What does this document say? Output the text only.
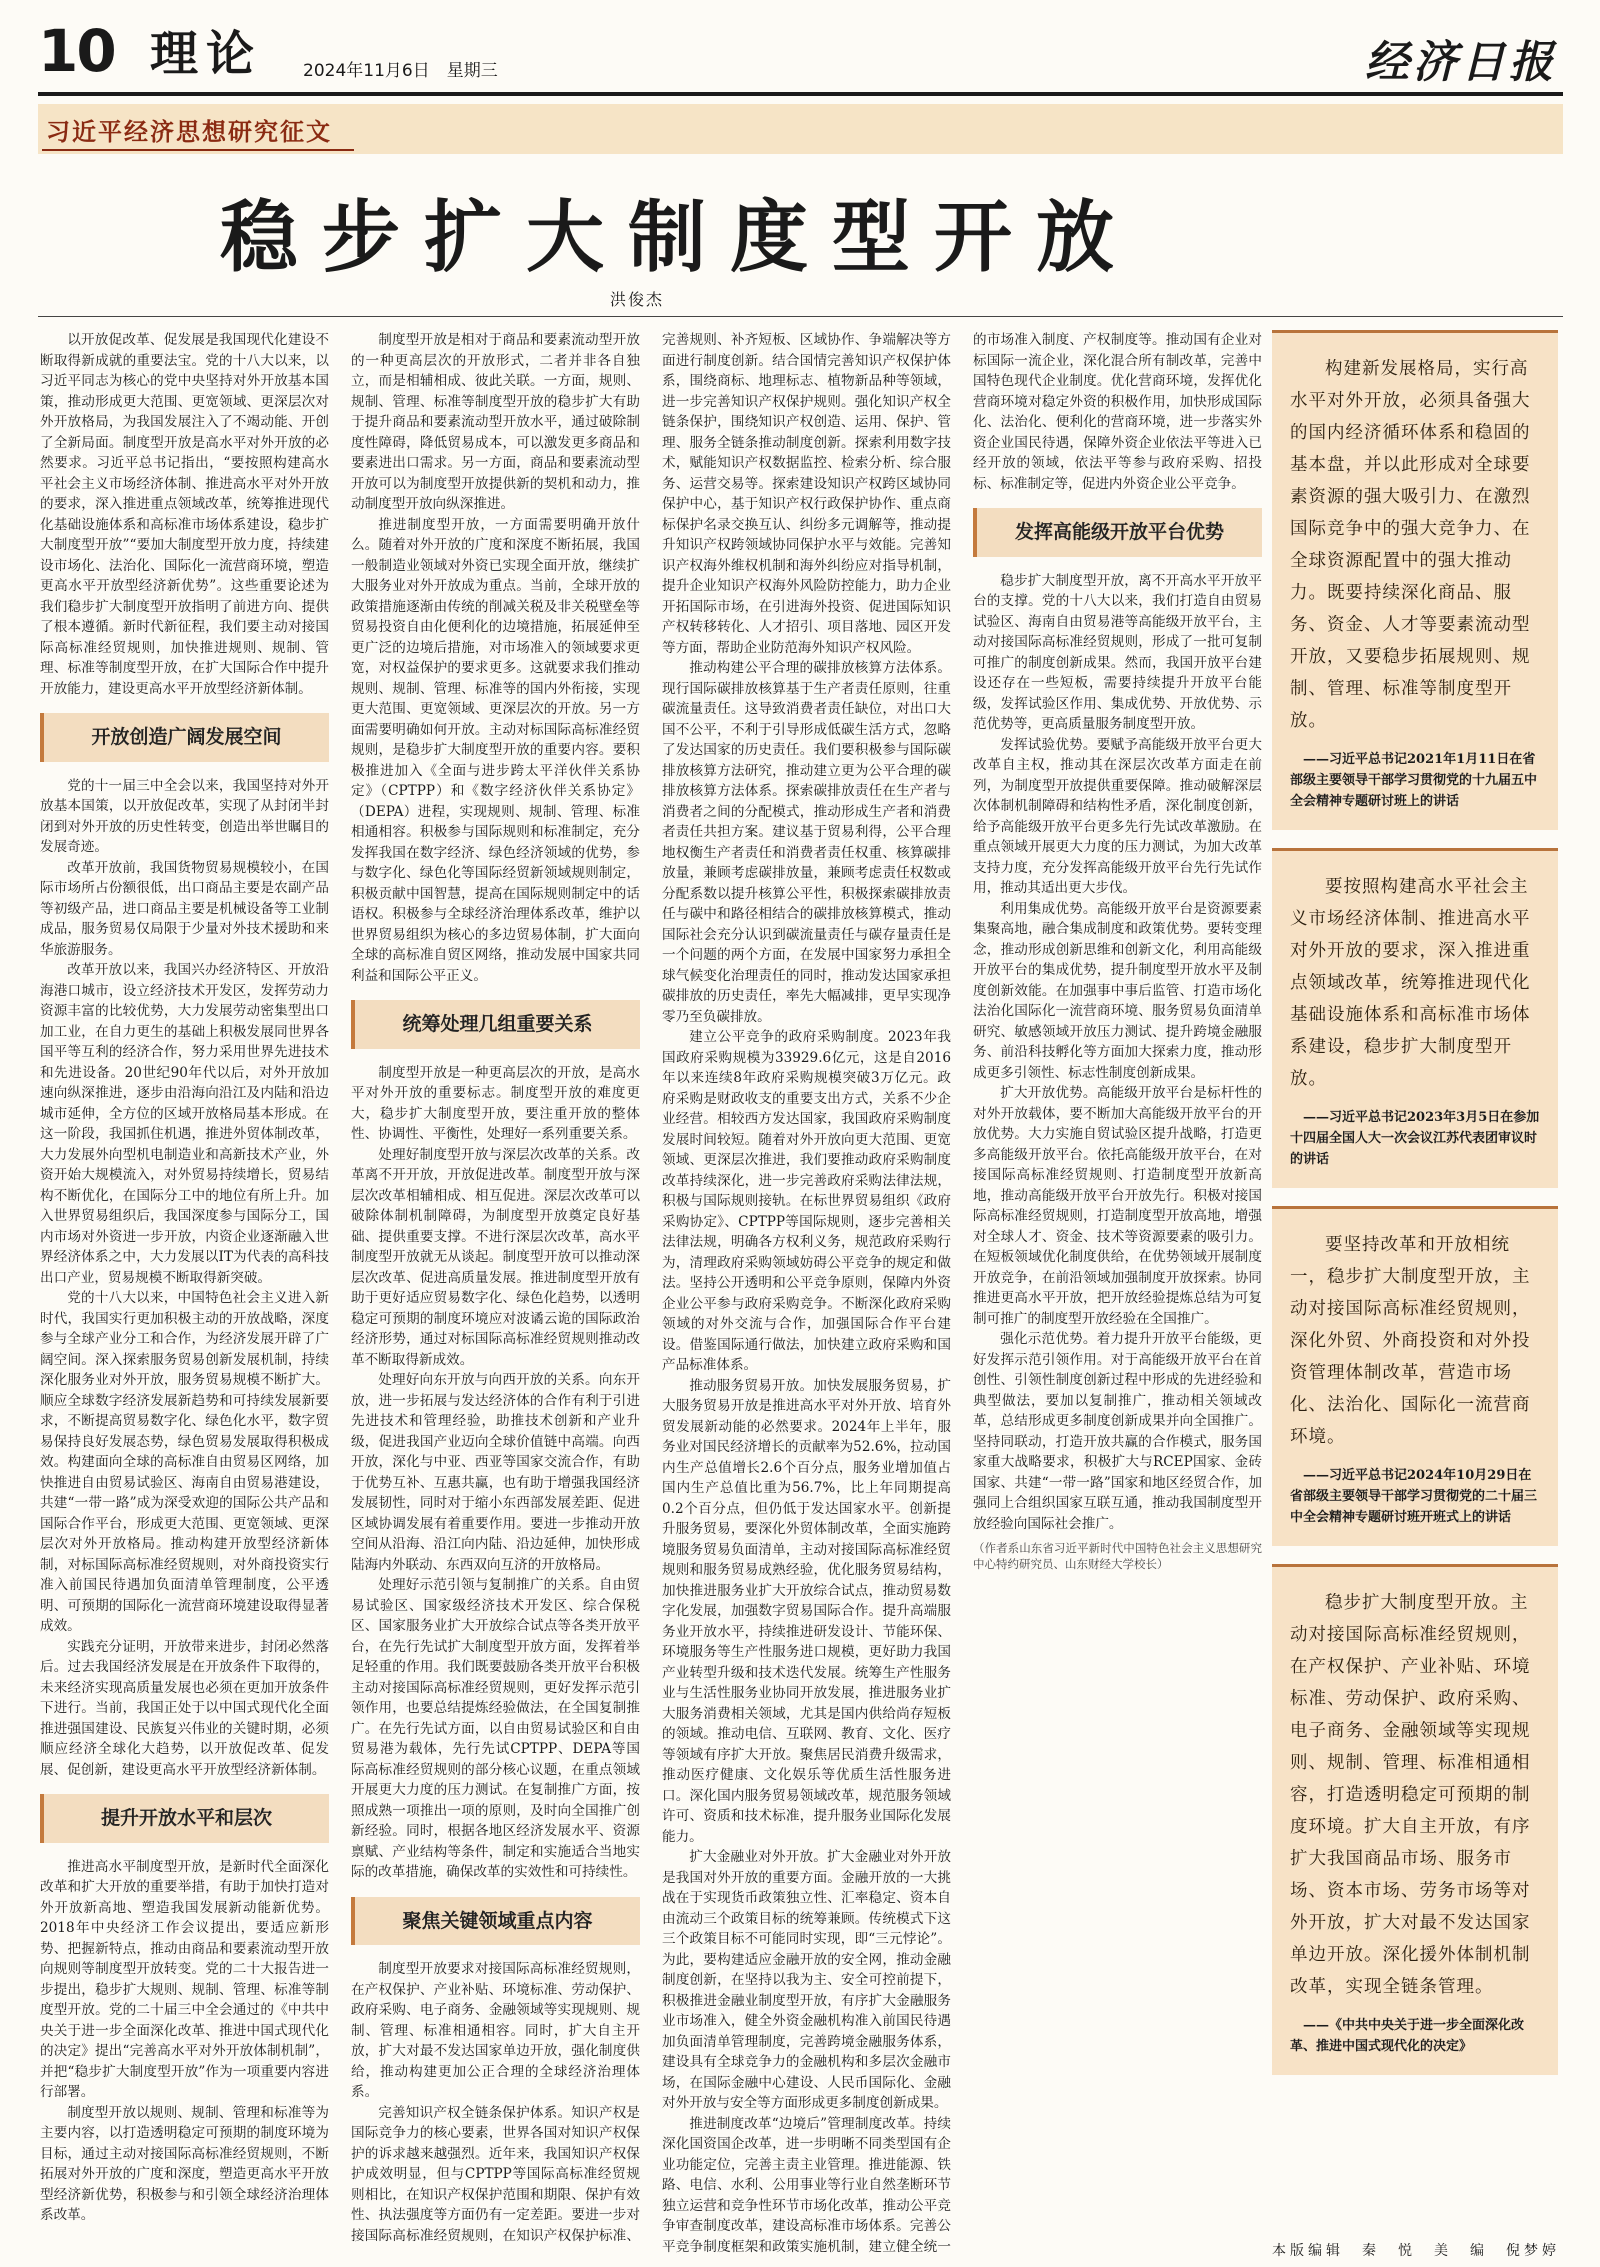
10 理论 2024年11月6日　星期三	经济日报
习近平经济思想研究征文
稳步扩大制度型开放
洪俊杰

以开放促改革、促发展是我国现代化建设不断取得新成就的重要法宝。党的十八大以来，以习近平同志为核心的党中央坚持对外开放基本国策，推动形成更大范围、更宽领域、更深层次对外开放格局，为我国发展注入了不竭动能、开创了全新局面。制度型开放是高水平对外开放的必然要求。习近平总书记指出，“要按照构建高水平社会主义市场经济体制、推进高水平对外开放的要求，深入推进重点领域改革，统筹推进现代化基础设施体系和高标准市场体系建设，稳步扩大制度型开放”“要加大制度型开放力度，持续建设市场化、法治化、国际化一流营商环境，塑造更高水平开放型经济新优势”。这些重要论述为我们稳步扩大制度型开放指明了前进方向、提供了根本遵循。新时代新征程，我们要主动对接国际高标准经贸规则，加快推进规则、规制、管理、标准等制度型开放，在扩大国际合作中提升开放能力，建设更高水平开放型经济新体制。

开放创造广阔发展空间

党的十一届三中全会以来，我国坚持对外开放基本国策，以开放促改革，实现了从封闭半封闭到对外开放的历史性转变，创造出举世瞩目的发展奇迹。

改革开放前，我国货物贸易规模较小，在国际市场所占份额很低，出口商品主要是农副产品等初级产品，进口商品主要是机械设备等工业制成品，服务贸易仅局限于少量对外技术援助和来华旅游服务。

改革开放以来，我国兴办经济特区、开放沿海港口城市，设立经济技术开发区，发挥劳动力资源丰富的比较优势，大力发展劳动密集型出口加工业，在自力更生的基础上积极发展同世界各国平等互利的经济合作，努力采用世界先进技术和先进设备。20世纪90年代以后，对外开放加速向纵深推进，逐步由沿海向沿江及内陆和沿边城市延伸，全方位的区域开放格局基本形成。在这一阶段，我国抓住机遇，推进外贸体制改革，大力发展外向型机电制造业和高新技术产业，外资开始大规模流入，对外贸易持续增长，贸易结构不断优化，在国际分工中的地位有所上升。加入世界贸易组织后，我国深度参与国际分工，国内市场对外资进一步开放，内资企业逐渐融入世界经济体系之中，大力发展以IT为代表的高科技出口产业，贸易规模不断取得新突破。

党的十八大以来，中国特色社会主义进入新时代，我国实行更加积极主动的开放战略，深度参与全球产业分工和合作，为经济发展开辟了广阔空间。深入探索服务贸易创新发展机制，持续深化服务业对外开放，服务贸易规模不断扩大。顺应全球数字经济发展新趋势和可持续发展新要求，不断提高贸易数字化、绿色化水平，数字贸易保持良好发展态势，绿色贸易发展取得积极成效。构建面向全球的高标准自由贸易区网络，加快推进自由贸易试验区、海南自由贸易港建设，共建“一带一路”成为深受欢迎的国际公共产品和国际合作平台，形成更大范围、更宽领域、更深层次对外开放格局。推动构建开放型经济新体制，对标国际高标准经贸规则，对外商投资实行准入前国民待遇加负面清单管理制度，公平透明、可预期的国际化一流营商环境建设取得显著成效。

实践充分证明，开放带来进步，封闭必然落后。过去我国经济发展是在开放条件下取得的，未来经济实现高质量发展也必须在更加开放条件下进行。当前，我国正处于以中国式现代化全面推进强国建设、民族复兴伟业的关键时期，必须顺应经济全球化大趋势，以开放促改革、促发展、促创新，建设更高水平开放型经济新体制。

提升开放水平和层次

推进高水平制度型开放，是新时代全面深化改革和扩大开放的重要举措，有助于加快打造对外开放新高地、塑造我国发展新动能新优势。2018年中央经济工作会议提出，要适应新形势、把握新特点，推动由商品和要素流动型开放向规则等制度型开放转变。党的二十大报告进一步提出，稳步扩大规则、规制、管理、标准等制度型开放。党的二十届三中全会通过的《中共中央关于进一步全面深化改革、推进中国式现代化的决定》提出“完善高水平对外开放体制机制”，并把“稳步扩大制度型开放”作为一项重要内容进行部署。

制度型开放以规则、规制、管理和标准等为主要内容，以打造透明稳定可预期的制度环境为目标，通过主动对接国际高标准经贸规则，不断拓展对外开放的广度和深度，塑造更高水平开放型经济新优势，积极参与和引领全球经济治理体系改革。

制度型开放是相对于商品和要素流动型开放的一种更高层次的开放形式，二者并非各自独立，而是相辅相成、彼此关联。一方面，规则、规制、管理、标准等制度型开放的稳步扩大有助于提升商品和要素流动型开放水平，通过破除制度性障碍，降低贸易成本，可以激发更多商品和要素进出口需求。另一方面，商品和要素流动型开放可以为制度型开放提供新的契机和动力，推动制度型开放向纵深推进。

推进制度型开放，一方面需要明确开放什么。随着对外开放的广度和深度不断拓展，我国一般制造业领域对外资已实现全面开放，继续扩大服务业对外开放成为重点。当前，全球开放的政策措施逐渐由传统的削减关税及非关税壁垒等贸易投资自由化便利化的边境措施，拓展延伸至更广泛的边境后措施，对市场准入的领域要求更宽，对权益保护的要求更多。这就要求我们推动规则、规制、管理、标准等的国内外衔接，实现更大范围、更宽领域、更深层次的开放。另一方面需要明确如何开放。主动对标国际高标准经贸规则，是稳步扩大制度型开放的重要内容。要积极推进加入《全面与进步跨太平洋伙伴关系协定》（CPTPP）和《数字经济伙伴关系协定》（DEPA）进程，实现规则、规制、管理、标准相通相容。积极参与国际规则和标准制定，充分发挥我国在数字经济、绿色经济领域的优势，参与数字化、绿色化等国际经贸新领域规则制定，积极贡献中国智慧，提高在国际规则制定中的话语权。积极参与全球经济治理体系改革，维护以世界贸易组织为核心的多边贸易体制，扩大面向全球的高标准自贸区网络，推动发展中国家共同利益和国际公平正义。

统筹处理几组重要关系

制度型开放是一种更高层次的开放，是高水平对外开放的重要标志。制度型开放的难度更大，稳步扩大制度型开放，要注重开放的整体性、协调性、平衡性，处理好一系列重要关系。

处理好制度型开放与深层次改革的关系。改革离不开开放，开放促进改革。制度型开放与深层次改革相辅相成、相互促进。深层次改革可以破除体制机制障碍，为制度型开放奠定良好基础、提供重要支撑。不进行深层次改革，高水平制度型开放就无从谈起。制度型开放可以推动深层次改革、促进高质量发展。推进制度型开放有助于更好适应贸易数字化、绿色化趋势，以透明稳定可预期的制度环境应对波谲云诡的国际政治经济形势，通过对标国际高标准经贸规则推动改革不断取得新成效。

处理好向东开放与向西开放的关系。向东开放，进一步拓展与发达经济体的合作有利于引进先进技术和管理经验，助推技术创新和产业升级，促进我国产业迈向全球价值链中高端。向西开放，深化与中亚、西亚等国家交流合作，有助于优势互补、互惠共赢，也有助于增强我国经济发展韧性，同时对于缩小东西部发展差距、促进区域协调发展有着重要作用。要进一步推动开放空间从沿海、沿江向内陆、沿边延伸，加快形成陆海内外联动、东西双向互济的开放格局。

处理好示范引领与复制推广的关系。自由贸易试验区、国家级经济技术开发区、综合保税区、国家服务业扩大开放综合试点等各类开放平台，在先行先试扩大制度型开放方面，发挥着举足轻重的作用。我们既要鼓励各类开放平台积极主动对接国际高标准经贸规则，更好发挥示范引领作用，也要总结提炼经验做法，在全国复制推广。在先行先试方面，以自由贸易试验区和自由贸易港为载体，先行先试CPTPP、DEPA等国际高标准经贸规则的部分核心议题，在重点领域开展更大力度的压力测试。在复制推广方面，按照成熟一项推出一项的原则，及时向全国推广创新经验。同时，根据各地区经济发展水平、资源禀赋、产业结构等条件，制定和实施适合当地实际的改革措施，确保改革的实效性和可持续性。

聚焦关键领域重点内容

制度型开放要求对接国际高标准经贸规则，在产权保护、产业补贴、环境标准、劳动保护、政府采购、电子商务、金融领域等实现规则、规制、管理、标准相通相容。同时，扩大自主开放，扩大对最不发达国家单边开放，强化制度供给，推动构建更加公正合理的全球经济治理体系。

完善知识产权全链条保护体系。知识产权是国际竞争力的核心要素，世界各国对知识产权保护的诉求越来越强烈。近年来，我国知识产权保护成效明显，但与CPTPP等国际高标准经贸规则相比，在知识产权保护范围和期限、保护有效性、执法强度等方面仍有一定差距。要进一步对接国际高标准经贸规则，在知识产权保护标准、完善规则、补齐短板、区域协作、争端解决等方面进行制度创新。结合国情完善知识产权保护体系，围绕商标、地理标志、植物新品种等领域，进一步完善知识产权保护规则。强化知识产权全链条保护，围绕知识产权创造、运用、保护、管理、服务全链条推动制度创新。探索利用数字技术，赋能知识产权数据监控、检索分析、综合服务、运营交易等。探索建设知识产权跨区域协同保护中心，基于知识产权行政保护协作、重点商标保护名录交换互认、纠纷多元调解等，推动提升知识产权跨领域协同保护水平与效能。完善知识产权海外维权机制和海外纠纷应对指导机制，提升企业知识产权海外风险防控能力，助力企业开拓国际市场，在引进海外投资、促进国际知识产权转移转化、人才招引、项目落地、园区开发等方面，帮助企业防范海外知识产权风险。

推动构建公平合理的碳排放核算方法体系。现行国际碳排放核算基于生产者责任原则，往重碳流量责任。这导致消费者责任缺位，对出口大国不公平，不利于引导形成低碳生活方式，忽略了发达国家的历史责任。我们要积极参与国际碳排放核算方法研究，推动建立更为公平合理的碳排放核算方法体系。探索碳排放责任在生产者与消费者之间的分配模式，推动形成生产者和消费者责任共担方案。建议基于贸易利得，公平合理地权衡生产者责任和消费者责任权重、核算碳排放量，兼顾考虑碳排放量，兼顾考虑责任权数或分配系数以提升核算公平性，积极探索碳排放责任与碳中和路径相结合的碳排放核算模式，推动国际社会充分认识到碳流量责任与碳存量责任是一个问题的两个方面，在发展中国家努力承担全球气候变化治理责任的同时，推动发达国家承担碳排放的历史责任，率先大幅减排，更早实现净零乃至负碳排放。

建立公平竞争的政府采购制度。2023年我国政府采购规模为33929.6亿元，这是自2016年以来连续8年政府采购规模突破3万亿元。政府采购是财政收支的重要支出方式，关系不少企业经营。相较西方发达国家，我国政府采购制度发展时间较短。随着对外开放向更大范围、更宽领域、更深层次推进，我们要推动政府采购制度改革持续深化，进一步完善政府采购法律法规，积极与国际规则接轨。在标世界贸易组织《政府采购协定》、CPTPP等国际规则，逐步完善相关法律法规，明确各方权利义务，规范政府采购行为，清理政府采购领域妨碍公平竞争的规定和做法。坚持公开透明和公平竞争原则，保障内外资企业公平参与政府采购竞争。不断深化政府采购领域的对外交流与合作，加强国际合作平台建设。借鉴国际通行做法，加快建立政府采购和国产品标准体系。

推动服务贸易开放。加快发展服务贸易，扩大服务贸易开放是推进高水平对外开放、培育外贸发展新动能的必然要求。2024年上半年，服务业对国民经济增长的贡献率为52.6%，拉动国内生产总值增长2.6个百分点，服务业增加值占国内生产总值比重为56.7%，比上年同期提高0.2个百分点，但仍低于发达国家水平。创新提升服务贸易，要深化外贸体制改革，全面实施跨境服务贸易负面清单，主动对接国际高标准经贸规则和服务贸易成熟经验，优化服务贸易结构，加快推进服务业扩大开放综合试点，推动贸易数字化发展，加强数字贸易国际合作。提升高端服务业开放水平，持续推进研发设计、节能环保、环境服务等生产性服务进口规模，更好助力我国产业转型升级和技术迭代发展。统筹生产性服务业与生活性服务业协同开放发展，推进服务业扩大服务消费相关领域，尤其是国内供给尚存短板的领域。推动电信、互联网、教育、文化、医疗等领域有序扩大开放。聚焦居民消费升级需求，推动医疗健康、文化娱乐等优质生活性服务进口。深化国内服务贸易领域改革，规范服务领域许可、资质和技术标准，提升服务业国际化发展能力。

扩大金融业对外开放。扩大金融业对外开放是我国对外开放的重要方面。金融开放的一大挑战在于实现货币政策独立性、汇率稳定、资本自由流动三个政策目标的统筹兼顾。传统模式下这三个政策目标不可能同时实现，即“三元悖论”。为此，要构建适应金融开放的安全网，推动金融制度创新，在坚持以我为主、安全可控前提下，积极推进金融业制度型开放，有序扩大金融服务业市场准入，健全外资金融机构准入前国民待遇加负面清单管理制度，完善跨境金融服务体系，建设具有全球竞争力的金融机构和多层次金融市场，在国际金融中心建设、人民币国际化、金融对外开放与安全等方面形成更多制度创新成果。

推进制度改革“边境后”管理制度改革。持续深化国资国企改革，进一步明晰不同类型国有企业功能定位，完善主责主业管理。推进能源、铁路、电信、水利、公用事业等行业自然垄断环节独立运营和竞争性环节市场化改革，推动公平竞争审查制度改革，建设高标准市场体系。完善公平竞争制度框架和政策实施机制，建立健全统一的市场准入制度、产权制度等。推动国有企业对标国际一流企业，深化混合所有制改革，完善中国特色现代企业制度。优化营商环境，发挥优化营商环境对稳定外资的积极作用，加快形成国际化、法治化、便利化的营商环境，进一步落实外资企业国民待遇，保障外资企业依法平等进入已经开放的领域，依法平等参与政府采购、招投标、标准制定等，促进内外资企业公平竞争。

发挥高能级开放平台优势

稳步扩大制度型开放，离不开高水平开放平台的支撑。党的十八大以来，我们打造自由贸易试验区、海南自由贸易港等高能级开放平台，主动对接国际高标准经贸规则，形成了一批可复制可推广的制度创新成果。然而，我国开放平台建设还存在一些短板，需要持续提升开放平台能级，发挥试验区作用、集成优势、开放优势、示范优势等，更高质量服务制度型开放。

发挥试验优势。要赋予高能级开放平台更大改革自主权，推动其在深层次改革方面走在前列，为制度型开放提供重要保障。推动破解深层次体制机制障碍和结构性矛盾，深化制度创新，给予高能级开放平台更多先行先试改革激励。在重点领域开展更大力度的压力测试，为加大改革支持力度，充分发挥高能级开放平台先行先试作用，推动其适出更大步伐。

利用集成优势。高能级开放平台是资源要素集聚高地，融合集成制度和政策优势。要转变理念，推动形成创新思维和创新文化，利用高能级开放平台的集成优势，提升制度型开放水平及制度创新效能。在加强事中事后监管、打造市场化法治化国际化一流营商环境、服务贸易负面清单研究、敏感领域开放压力测试、提升跨境金融服务、前沿科技孵化等方面加大探索力度，推动形成更多引领性、标志性制度创新成果。

扩大开放优势。高能级开放平台是标杆性的对外开放载体，要不断加大高能级开放平台的开放优势。大力实施自贸试验区提升战略，打造更多高能级开放平台。依托高能级开放平台，在对接国际高标准经贸规则、打造制度型开放新高地，推动高能级开放平台开放先行。积极对接国际高标准经贸规则，打造制度型开放高地，增强对全球人才、资金、技术等资源要素的吸引力。在短板领域优化制度供给，在优势领域开展制度开放竞争，在前沿领域加强制度开放探索。协同推进更高水平开放，把开放经验提炼总结为可复制可推广的制度型开放经验在全国推广。

强化示范优势。着力提升开放平台能级，更好发挥示范引领作用。对于高能级开放平台在首创性、引领性制度创新过程中形成的先进经验和典型做法，要加以复制推广，推动相关领域改革，总结形成更多制度创新成果并向全国推广。坚持同联动，打造开放共赢的合作模式，服务国家重大战略要求，积极扩大与RCEP国家、金砖国家、共建“一带一路”国家和地区经贸合作，加强同上合组织国家互联互通，推动我国制度型开放经验向国际社会推广。

（作者系山东省习近平新时代中国特色社会主义思想研究中心特约研究员、山东财经大学校长）
构建新发展格局，实行高水平对外开放，必须具备强大的国内经济循环体系和稳固的基本盘，并以此形成对全球要素资源的强大吸引力、在激烈国际竞争中的强大竞争力、在全球资源配置中的强大推动力。既要持续深化商品、服务、资金、人才等要素流动型开放，又要稳步拓展规则、规制、管理、标准等制度型开放。
——习近平总书记2021年1月11日在省部级主要领导干部学习贯彻党的十九届五中全会精神专题研讨班上的讲话
要按照构建高水平社会主义市场经济体制、推进高水平对外开放的要求，深入推进重点领域改革，统筹推进现代化基础设施体系和高标准市场体系建设，稳步扩大制度型开放。
——习近平总书记2023年3月5日在参加十四届全国人大一次会议江苏代表团审议时的讲话
要坚持改革和开放相统一，稳步扩大制度型开放，主动对接国际高标准经贸规则，深化外贸、外商投资和对外投资管理体制改革，营造市场化、法治化、国际化一流营商环境。
——习近平总书记2024年10月29日在省部级主要领导干部学习贯彻党的二十届三中全会精神专题研讨班开班式上的讲话
稳步扩大制度型开放。主动对接国际高标准经贸规则，在产权保护、产业补贴、环境标准、劳动保护、政府采购、电子商务、金融领域等实现规则、规制、管理、标准相通相容，打造透明稳定可预期的制度环境。扩大自主开放，有序扩大我国商品市场、服务市场、资本市场、劳务市场等对外开放，扩大对最不发达国家单边开放。深化援外体制机制改革，实现全链条管理。
——《中共中央关于进一步全面深化改革、推进中国式现代化的决定》
本版编辑　秦　悦　美　编　倪梦婷
